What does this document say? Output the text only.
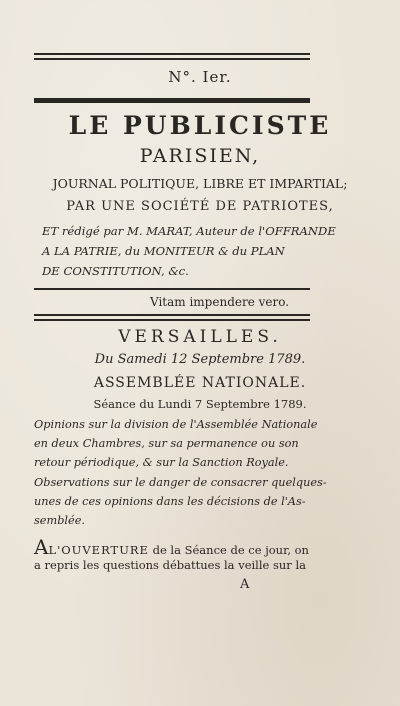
N°. Ier.
LE PUBLICISTE
PARISIEN,
JOURNAL POLITIQUE, LIBRE ET IMPARTIAL;
PAR UNE SOCIÉTÉ DE PATRIOTES,
ET rédigé par M. MARAT, Auteur de l'OFFRANDE
A LA PATRIE, du MONITEUR & du PLAN
DE CONSTITUTION, &c.
Vitam impendere vero.
VERSAILLES.
Du Samedi 12 Septembre 1789.
ASSEMBLÉE NATIONALE.
Séance du Lundi 7 Septembre 1789.
Opinions sur la division de l'Assemblée Nationale
en deux Chambres, sur sa permanence ou son
retour périodique, & sur la Sanction Royale.
Observations sur le danger de consacrer quelques-
unes de ces opinions dans les décisions de l'As-
semblée.
AL'OUVERTURE de la Séance de ce jour, on
a repris les questions débattues la veille sur la
A
